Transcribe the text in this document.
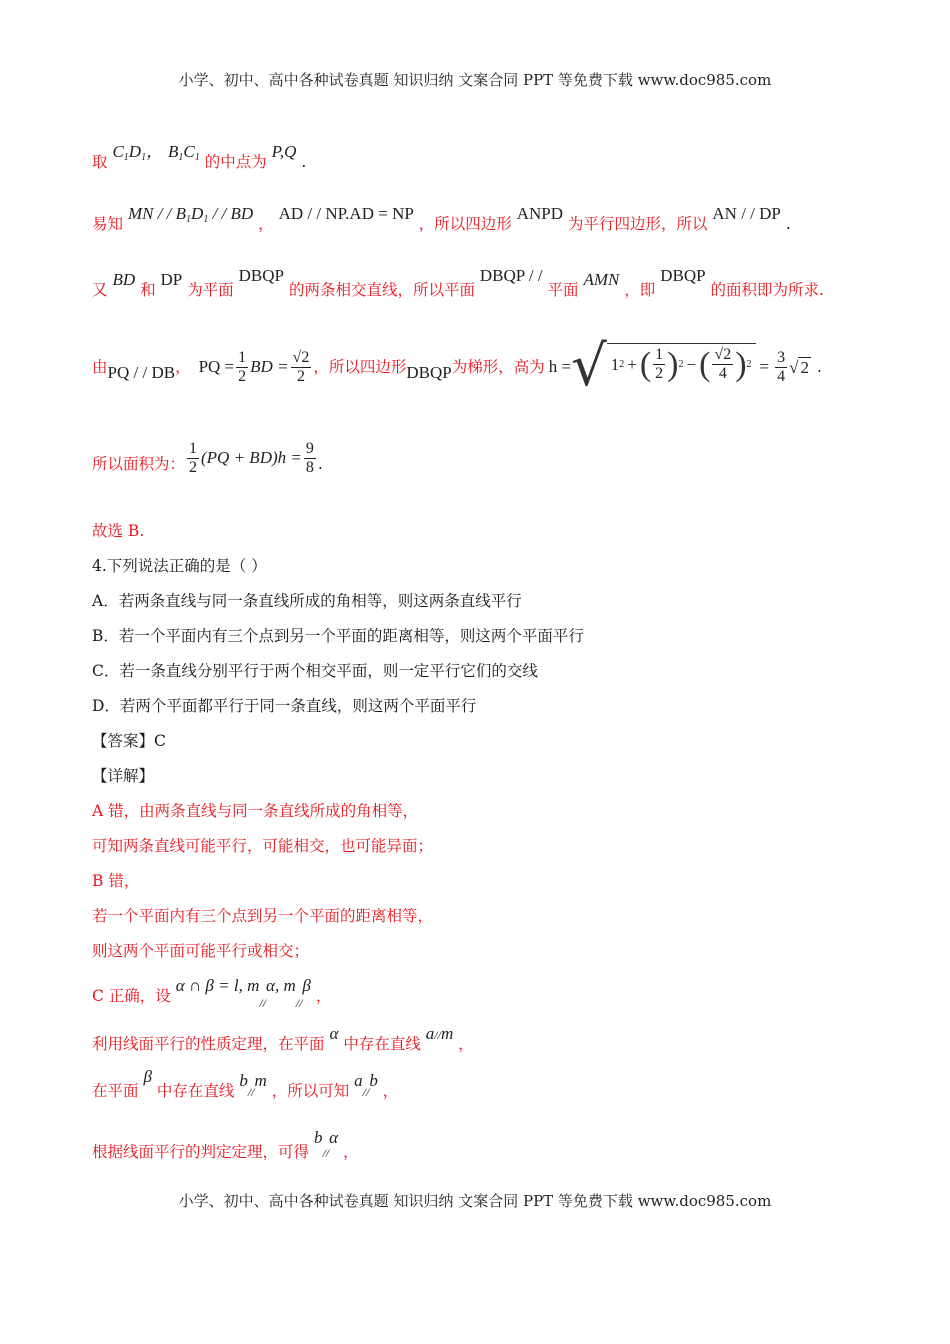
小学、初中、高中各种试卷真题 知识归纳 文案合同 PPT 等免费下载 www.doc985.com
取 $C_1D_1$， $B_1C_1$ 的中点为 P,Q .
易知 MN / / $B_1D_1$ / / BD ， AD / / NP.AD = NP ，所以四边形 ANPD 为平行四边形，所以 AN / / DP .
又 BD 和 DP 为平面 DBQP 的两条相交直线，所以平面 DBQP / / 平面 AMN ，即 DBQP 的面积即为所求.
由 PQ / / DB ， PQ = $\frac{1}{2}$ BD = $\frac{√2}{2}$ ，所以四边形 DBQP 为梯形，高为 h = √ 1 2 + ( $\frac{1}{2}$ ) 2 − ( $\frac{√2}{4}$ ) $2 = \frac{3}{4}$ √ 2 .
所以面积为： $\frac{1}{2} (PQ + BD)h = \frac{9}{8}$ .
故选 B.
4.下列说法正确的是（ ）
A．若两条直线与同一条直线所成的角相等，则这两条直线平行
B．若一个平面内有三个点到另一个平面的距离相等，则这两个平面平行
C．若一条直线分别平行于两个相交平面，则一定平行它们的交线
D．若两个平面都平行于同一条直线，则这两个平面平行
【答案】C
【详解】
A 错，由两条直线与同一条直线所成的角相等，
可知两条直线可能平行，可能相交，也可能异面；
B 错，
若一个平面内有三个点到另一个平面的距离相等，
则这两个平面可能平行或相交；
C 正确，设 α ∩ β = l, $m_{//}\alpha$, $m_{//}\beta$ ，
利用线面平行的性质定理，在平面 α 中存在直线 a//m ，
在平面 β 中存在直线 b//m ，所以可知 a//b ，
根据线面平行的判定定理，可得 b//α ，
小学、初中、高中各种试卷真题 知识归纳 文案合同 PPT 等免费下载 www.doc985.com
